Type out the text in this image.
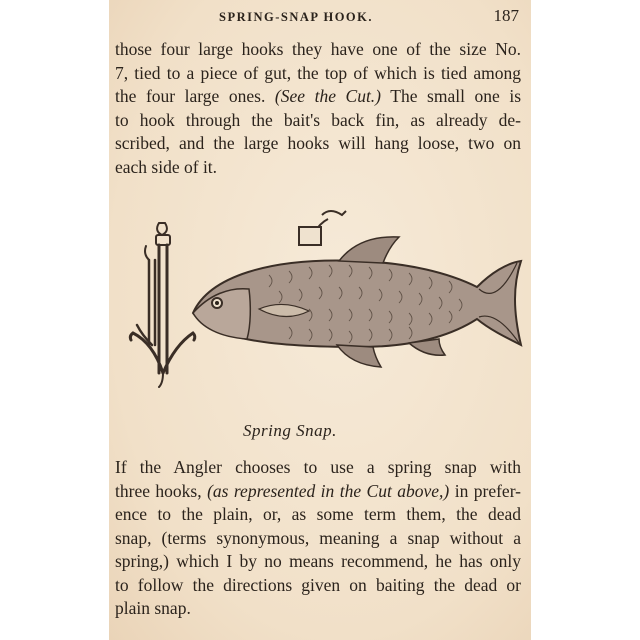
SPRING-SNAP HOOK.	187
those four large hooks they have one of the size No.
7, tied to a piece of gut, the top of which is tied among
the four large ones. (See the Cut.) The small one is
to hook through the bait's back fin, as already de-
scribed, and the large hooks will hang loose, two on
each side of it.
Spring Snap.
If the Angler chooses to use a spring snap with
three hooks, (as represented in the Cut above,) in prefer-
ence to the plain, or, as some term them, the dead
snap, (terms synonymous, meaning a snap without a
spring,) which I by no means recommend, he has only
to follow the directions given on baiting the dead or
plain snap.
